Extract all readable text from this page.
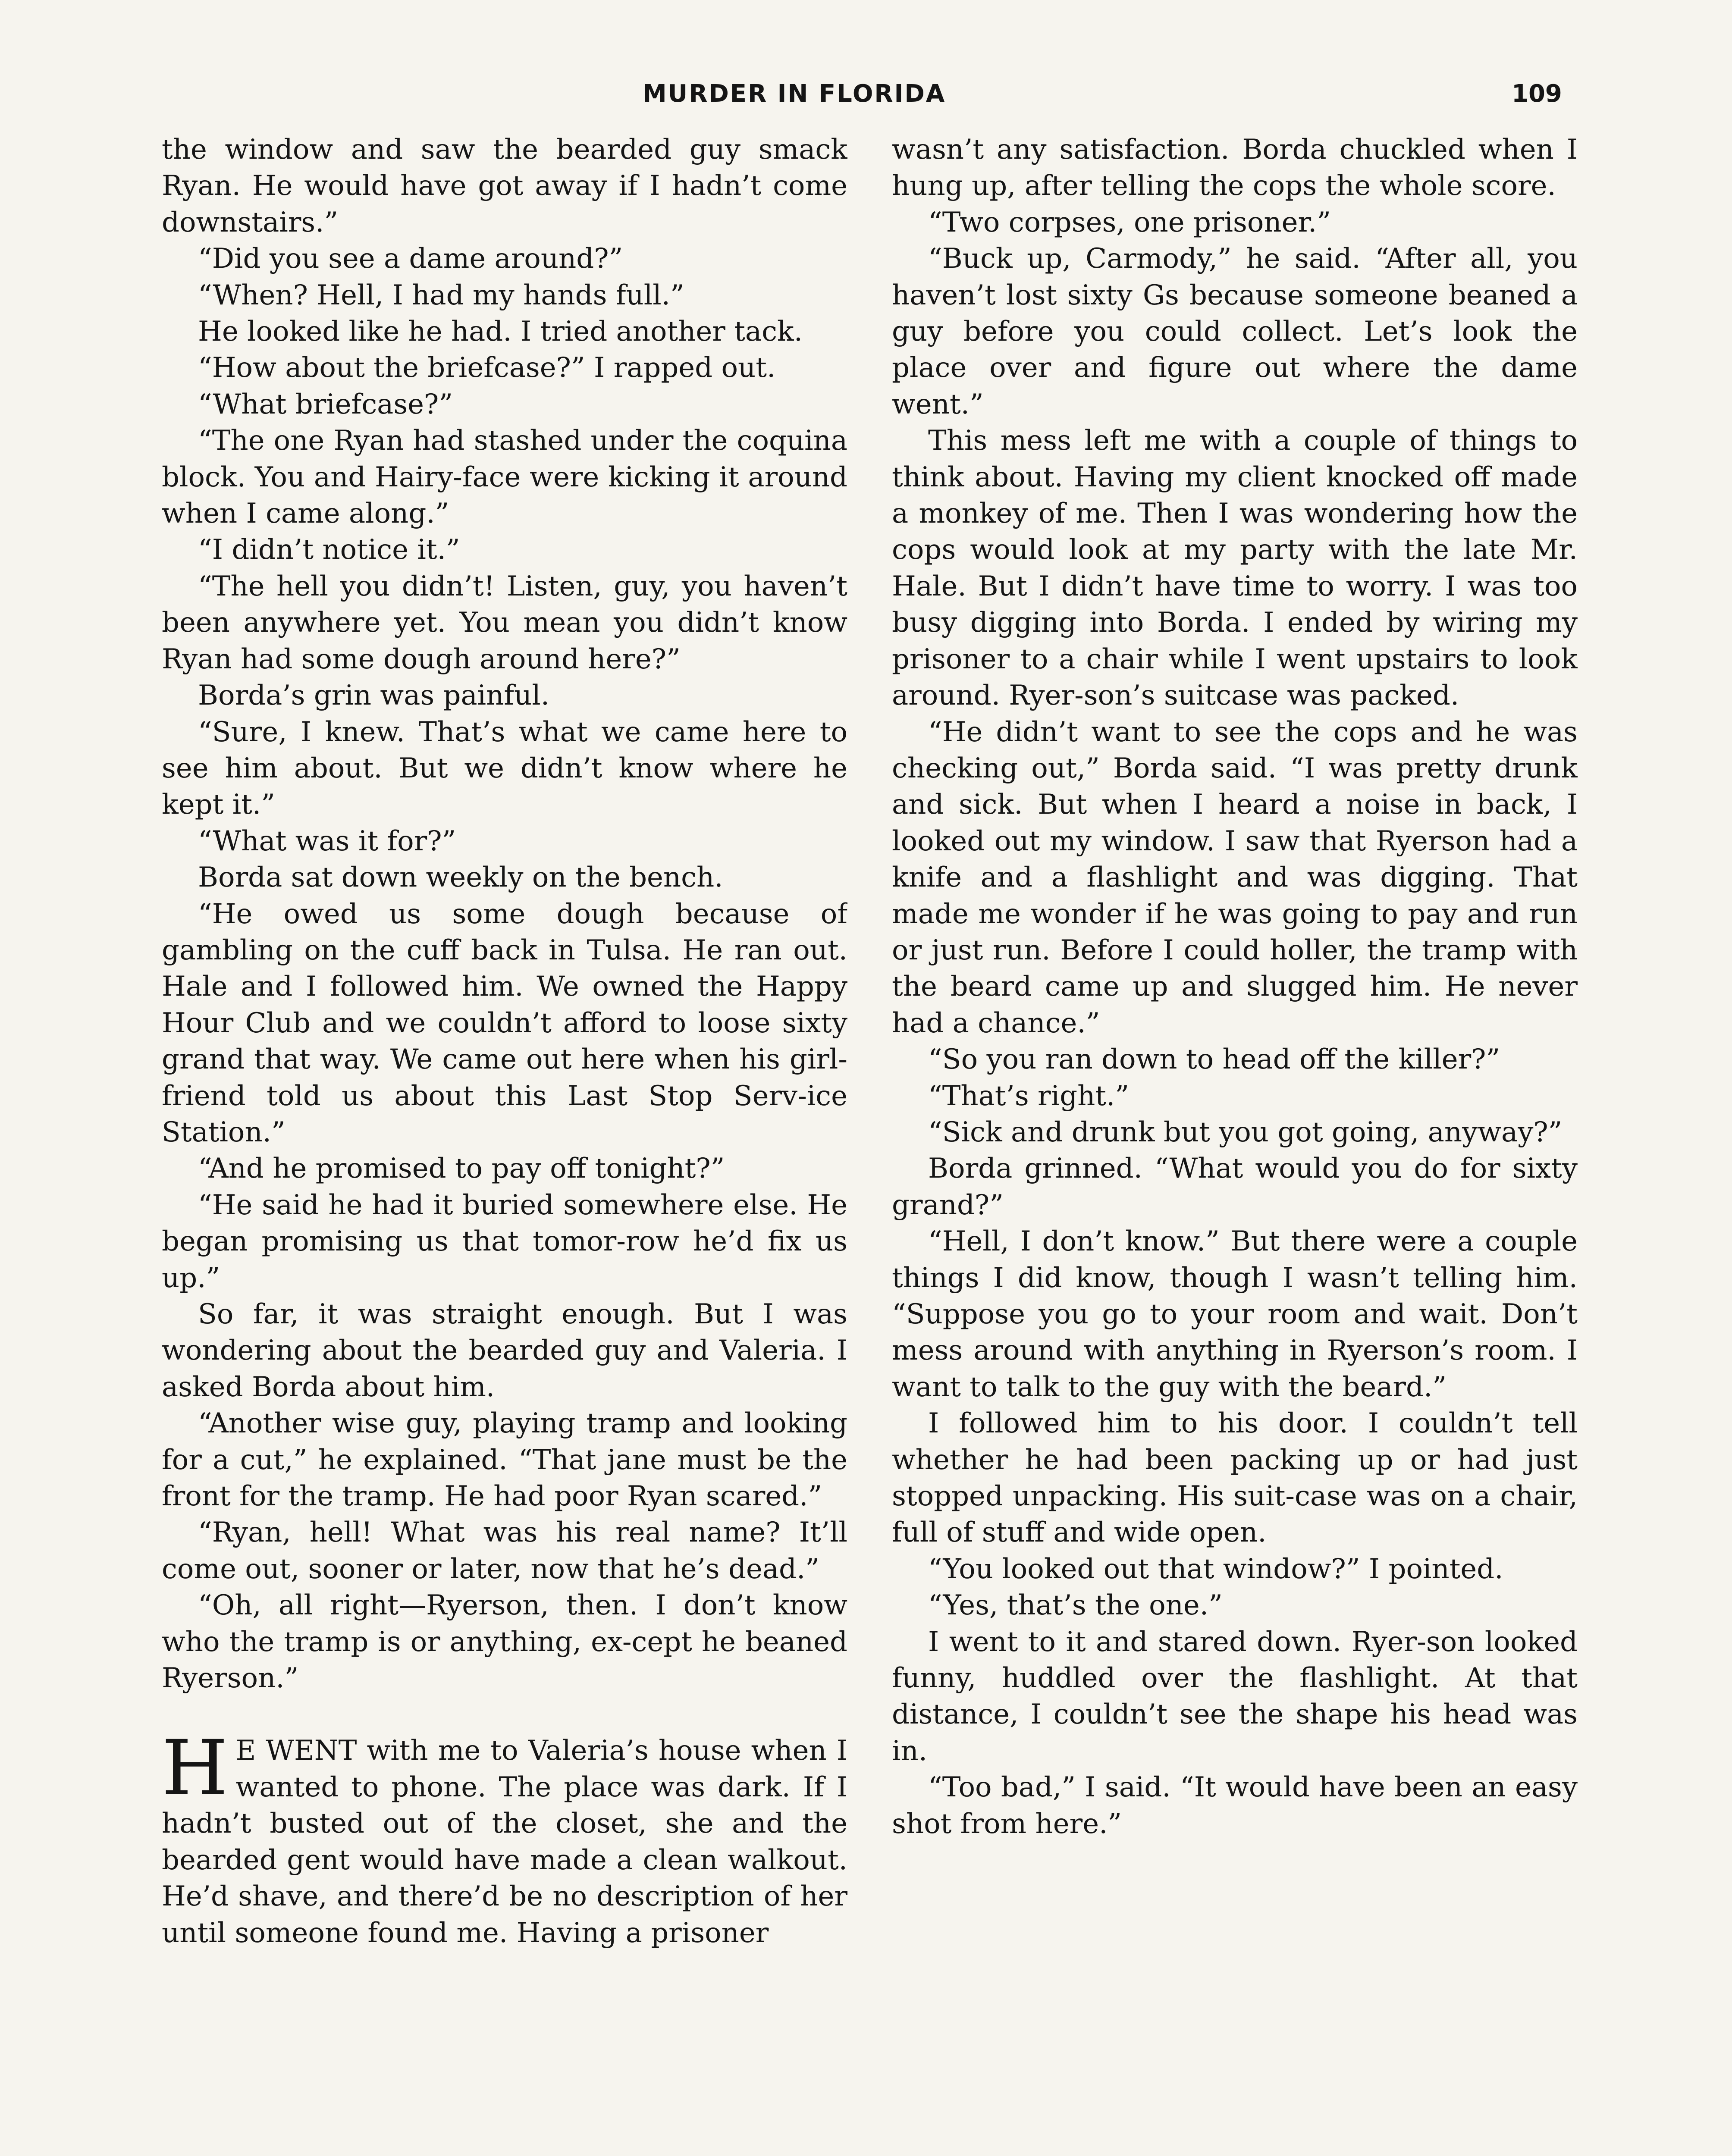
MURDER IN FLORIDA	109

the window and saw the bearded guy smack Ryan. He would have got away if I hadn’t come downstairs.”

“Did you see a dame around?”

“When? Hell, I had my hands full.”

He looked like he had. I tried another tack.

“How about the briefcase?” I rapped out.

“What briefcase?”

“The one Ryan had stashed under the coquina block. You and Hairy-face were kicking it around when I came along.”

“I didn’t notice it.”

“The hell you didn’t! Listen, guy, you haven’t been anywhere yet. You mean you didn’t know Ryan had some dough around here?”

Borda’s grin was painful.

“Sure, I knew. That’s what we came here to see him about. But we didn’t know where he kept it.”

“What was it for?”

Borda sat down weekly on the bench.

“He owed us some dough because of gambling on the cuff back in Tulsa. He ran out. Hale and I followed him. We owned the Happy Hour Club and we couldn’t afford to loose sixty grand that way. We came out here when his girl-friend told us about this Last Stop Serv-ice Station.”

“And he promised to pay off tonight?”

“He said he had it buried somewhere else. He began promising us that tomor-row he’d fix us up.”

So far, it was straight enough. But I was wondering about the bearded guy and Valeria. I asked Borda about him.

“Another wise guy, playing tramp and looking for a cut,” he explained. “That jane must be the front for the tramp. He had poor Ryan scared.”

“Ryan, hell! What was his real name? It’ll come out, sooner or later, now that he’s dead.”

“Oh, all right—Ryerson, then. I don’t know who the tramp is or anything, ex-cept he beaned Ryerson.”

H E WENT with me to Valeria’s house when I wanted to phone. The place was dark. If I hadn’t busted out of the closet, she and the bearded gent would have made a clean walkout. He’d shave, and there’d be no description of her until someone found me. Having a prisoner

wasn’t any satisfaction. Borda chuckled when I hung up, after telling the cops the whole score.

“Two corpses, one prisoner.”

“Buck up, Carmody,” he said. “After all, you haven’t lost sixty Gs because someone beaned a guy before you could collect. Let’s look the place over and figure out where the dame went.”

This mess left me with a couple of things to think about. Having my client knocked off made a monkey of me. Then I was wondering how the cops would look at my party with the late Mr. Hale. But I didn’t have time to worry. I was too busy digging into Borda. I ended by wiring my prisoner to a chair while I went upstairs to look around. Ryer-son’s suitcase was packed.

“He didn’t want to see the cops and he was checking out,” Borda said. “I was pretty drunk and sick. But when I heard a noise in back, I looked out my window. I saw that Ryerson had a knife and a flashlight and was digging. That made me wonder if he was going to pay and run or just run. Before I could holler, the tramp with the beard came up and slugged him. He never had a chance.”

“So you ran down to head off the killer?”

“That’s right.”

“Sick and drunk but you got going, anyway?”

Borda grinned. “What would you do for sixty grand?”

“Hell, I don’t know.” But there were a couple things I did know, though I wasn’t telling him. “Suppose you go to your room and wait. Don’t mess around with anything in Ryerson’s room. I want to talk to the guy with the beard.”

I followed him to his door. I couldn’t tell whether he had been packing up or had just stopped unpacking. His suit-case was on a chair, full of stuff and wide open.

“You looked out that window?” I pointed.

“Yes, that’s the one.”

I went to it and stared down. Ryer-son looked funny, huddled over the flashlight. At that distance, I couldn’t see the shape his head was in.

“Too bad,” I said. “It would have been an easy shot from here.”
